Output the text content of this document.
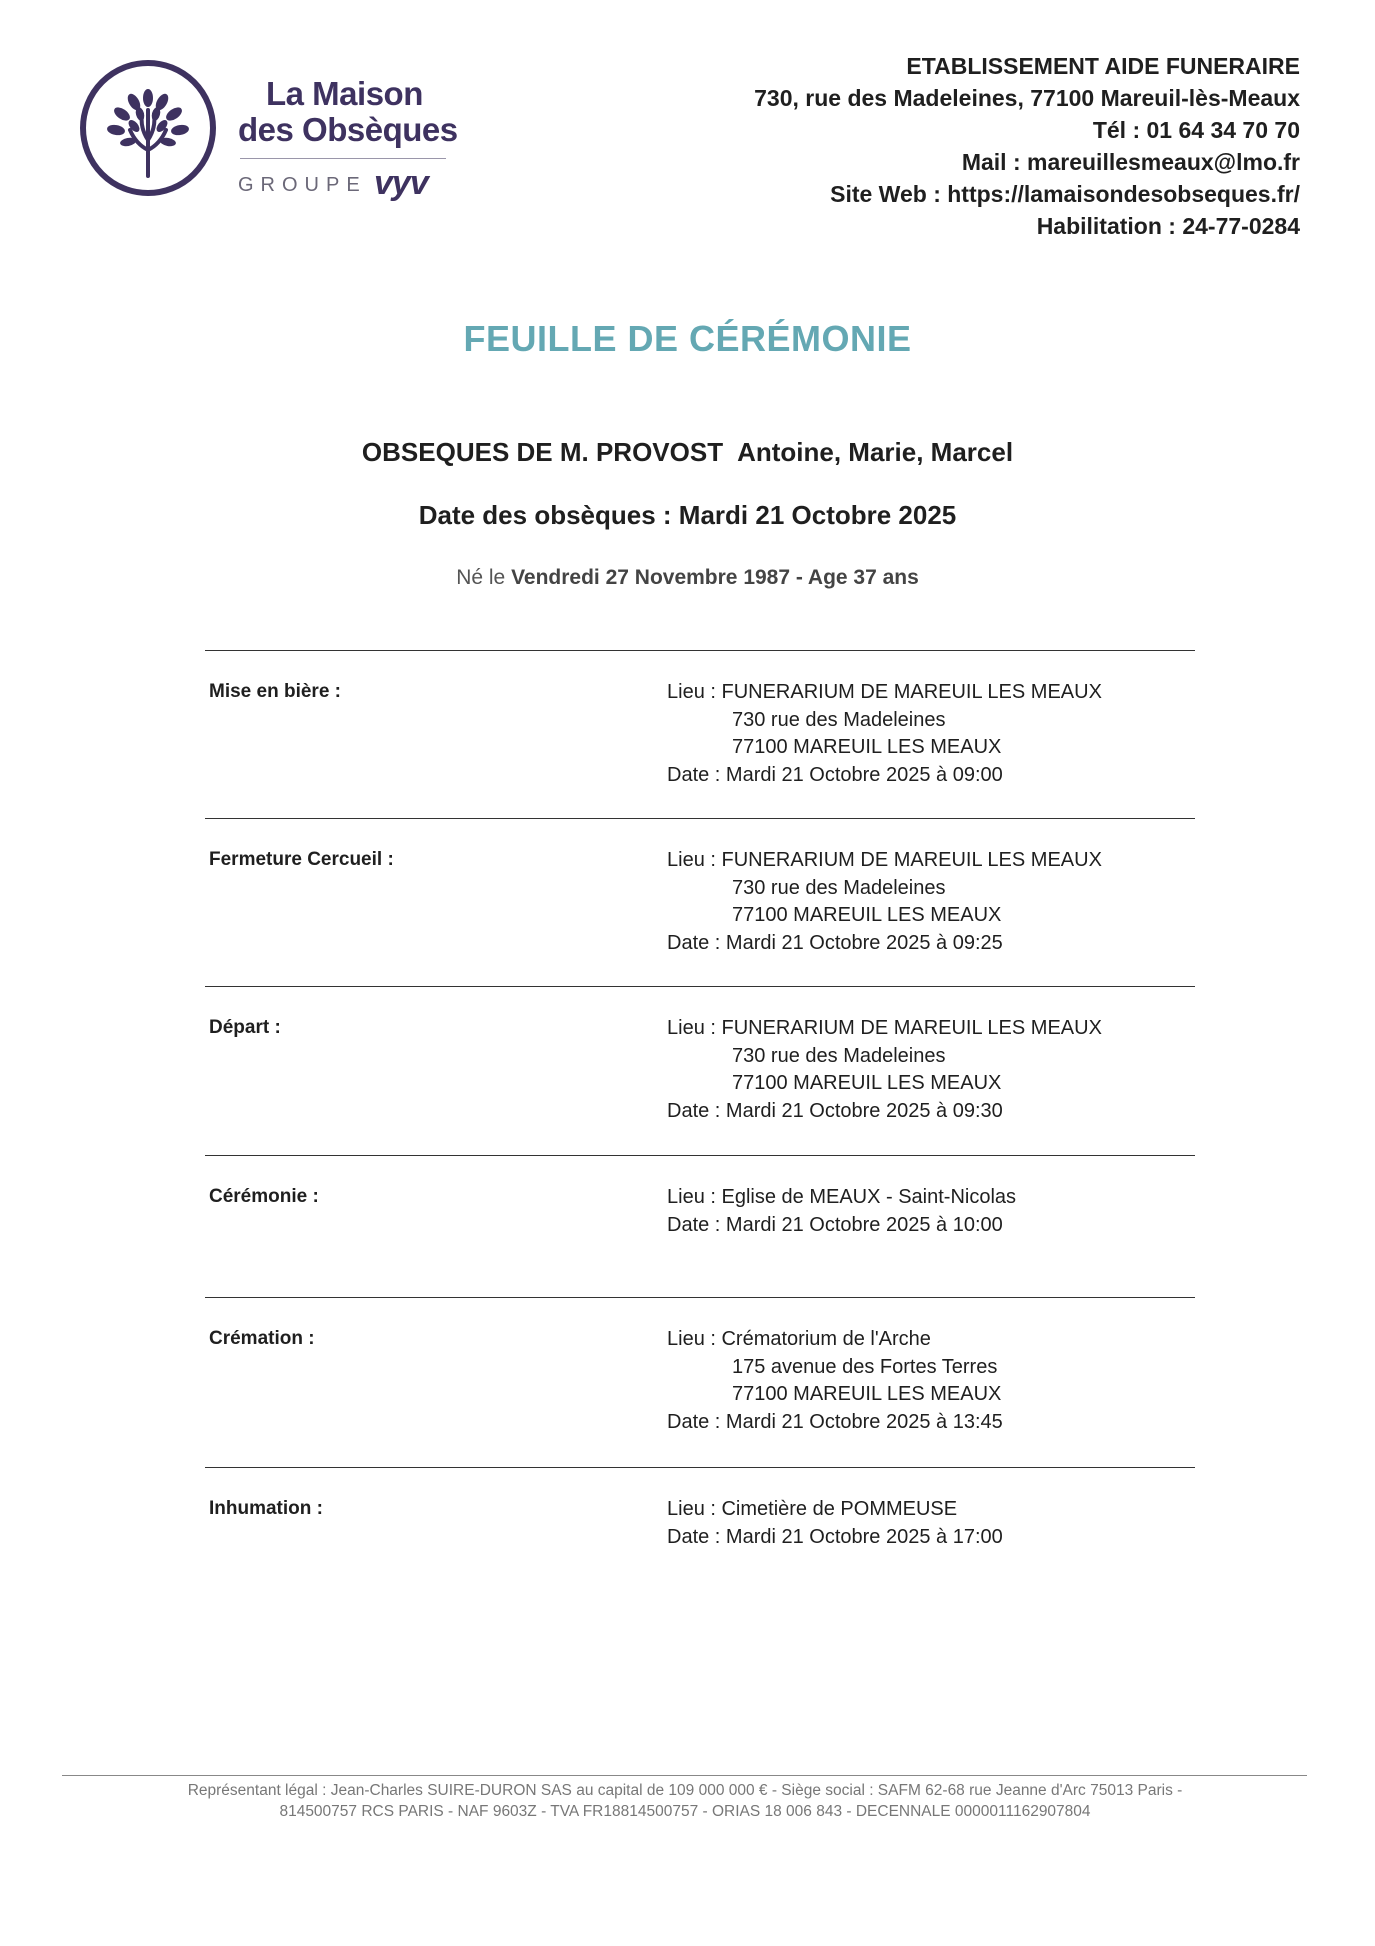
La Maison
des Obsèques
GROUPE vyv
ETABLISSEMENT AIDE FUNERAIRE
730, rue des Madeleines, 77100 Mareuil-lès-Meaux
Tél : 01 64 34 70 70
Mail : mareuillesmeaux@lmo.fr
Site Web : https://lamaisondesobseques.fr/
Habilitation : 24-77-0284
FEUILLE DE CÉRÉMONIE
OBSEQUES DE M. PROVOST Antoine, Marie, Marcel
Date des obsèques : Mardi 21 Octobre 2025
Né le Vendredi 27 Novembre 1987 - Age 37 ans
Mise en bière :	Lieu : FUNERARIUM DE MAREUIL LES MEAUX
730 rue des Madeleines
77100 MAREUIL LES MEAUX
Date : Mardi 21 Octobre 2025 à 09:00
Fermeture Cercueil :	Lieu : FUNERARIUM DE MAREUIL LES MEAUX
730 rue des Madeleines
77100 MAREUIL LES MEAUX
Date : Mardi 21 Octobre 2025 à 09:25
Départ :	Lieu : FUNERARIUM DE MAREUIL LES MEAUX
730 rue des Madeleines
77100 MAREUIL LES MEAUX
Date : Mardi 21 Octobre 2025 à 09:30
Cérémonie :	Lieu : Eglise de MEAUX - Saint-Nicolas
Date : Mardi 21 Octobre 2025 à 10:00
Crémation :	Lieu : Crématorium de l'Arche
175 avenue des Fortes Terres
77100 MAREUIL LES MEAUX
Date : Mardi 21 Octobre 2025 à 13:45
Inhumation :	Lieu : Cimetière de POMMEUSE
Date : Mardi 21 Octobre 2025 à 17:00
Représentant légal : Jean-Charles SUIRE-DURON SAS au capital de 109 000 000 € - Siège social : SAFM 62-68 rue Jeanne d'Arc 75013 Paris -
814500757 RCS PARIS - NAF 9603Z - TVA FR18814500757 - ORIAS 18 006 843 - DECENNALE 0000011162907804
